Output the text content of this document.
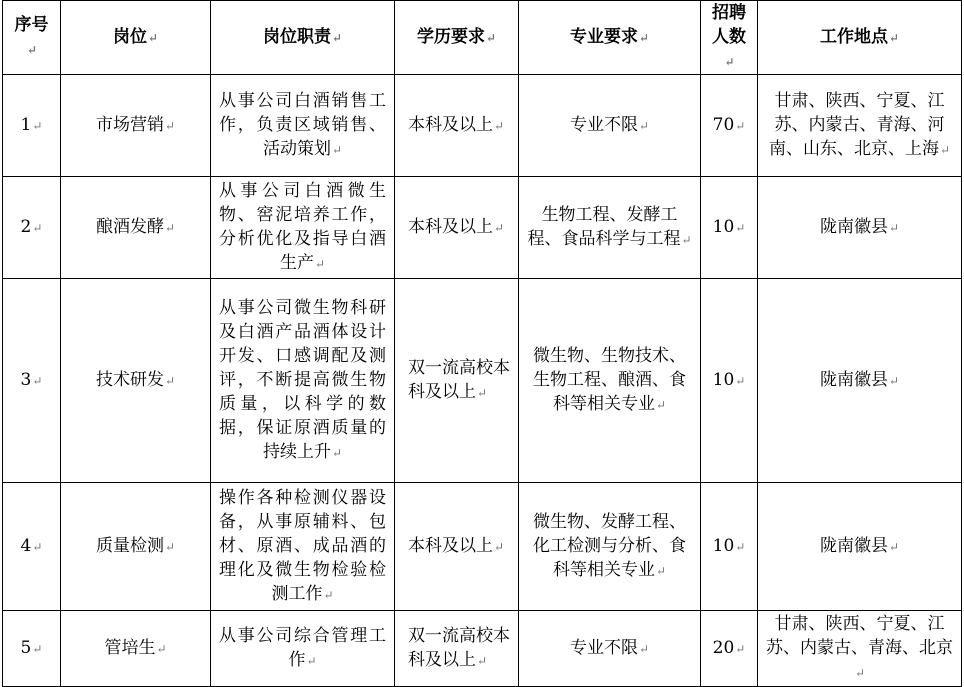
序号↵	岗位↵	岗位职责↵	学历要求↵	专业要求↵	招聘人数↵	工作地点↵
1↵	市场营销↵	从事公司白酒销售工作，负责区域销售、活动策划↵	本科及以上↵	专业不限↵	70↵	甘肃、陕西、宁夏、江苏、内蒙古、青海、河南、山东、北京、上海↵
2↵	酿酒发酵↵	从事公司白酒微生物、窖泥培养工作，分析优化及指导白酒生产↵	本科及以上↵	生物工程、发酵工程、食品科学与工程↵	10↵	陇南徽县↵
3↵	技术研发↵	从事公司微生物科研及白酒产品酒体设计开发、口感调配及测评，不断提高微生物质量，以科学的数据，保证原酒质量的持续上升↵	双一流高校本科及以上↵	微生物、生物技术、生物工程、酿酒、食科等相关专业↵	10↵	陇南徽县↵
4↵	质量检测↵	操作各种检测仪器设备，从事原辅料、包材、原酒、成品酒的理化及微生物检验检测工作↵	本科及以上↵	微生物、发酵工程、化工检测与分析、食科等相关专业↵	10↵	陇南徽县↵
5↵	管培生↵	从事公司综合管理工作↵	双一流高校本科及以上↵	专业不限↵	20↵	甘肃、陕西、宁夏、江苏、内蒙古、青海、北京↵
